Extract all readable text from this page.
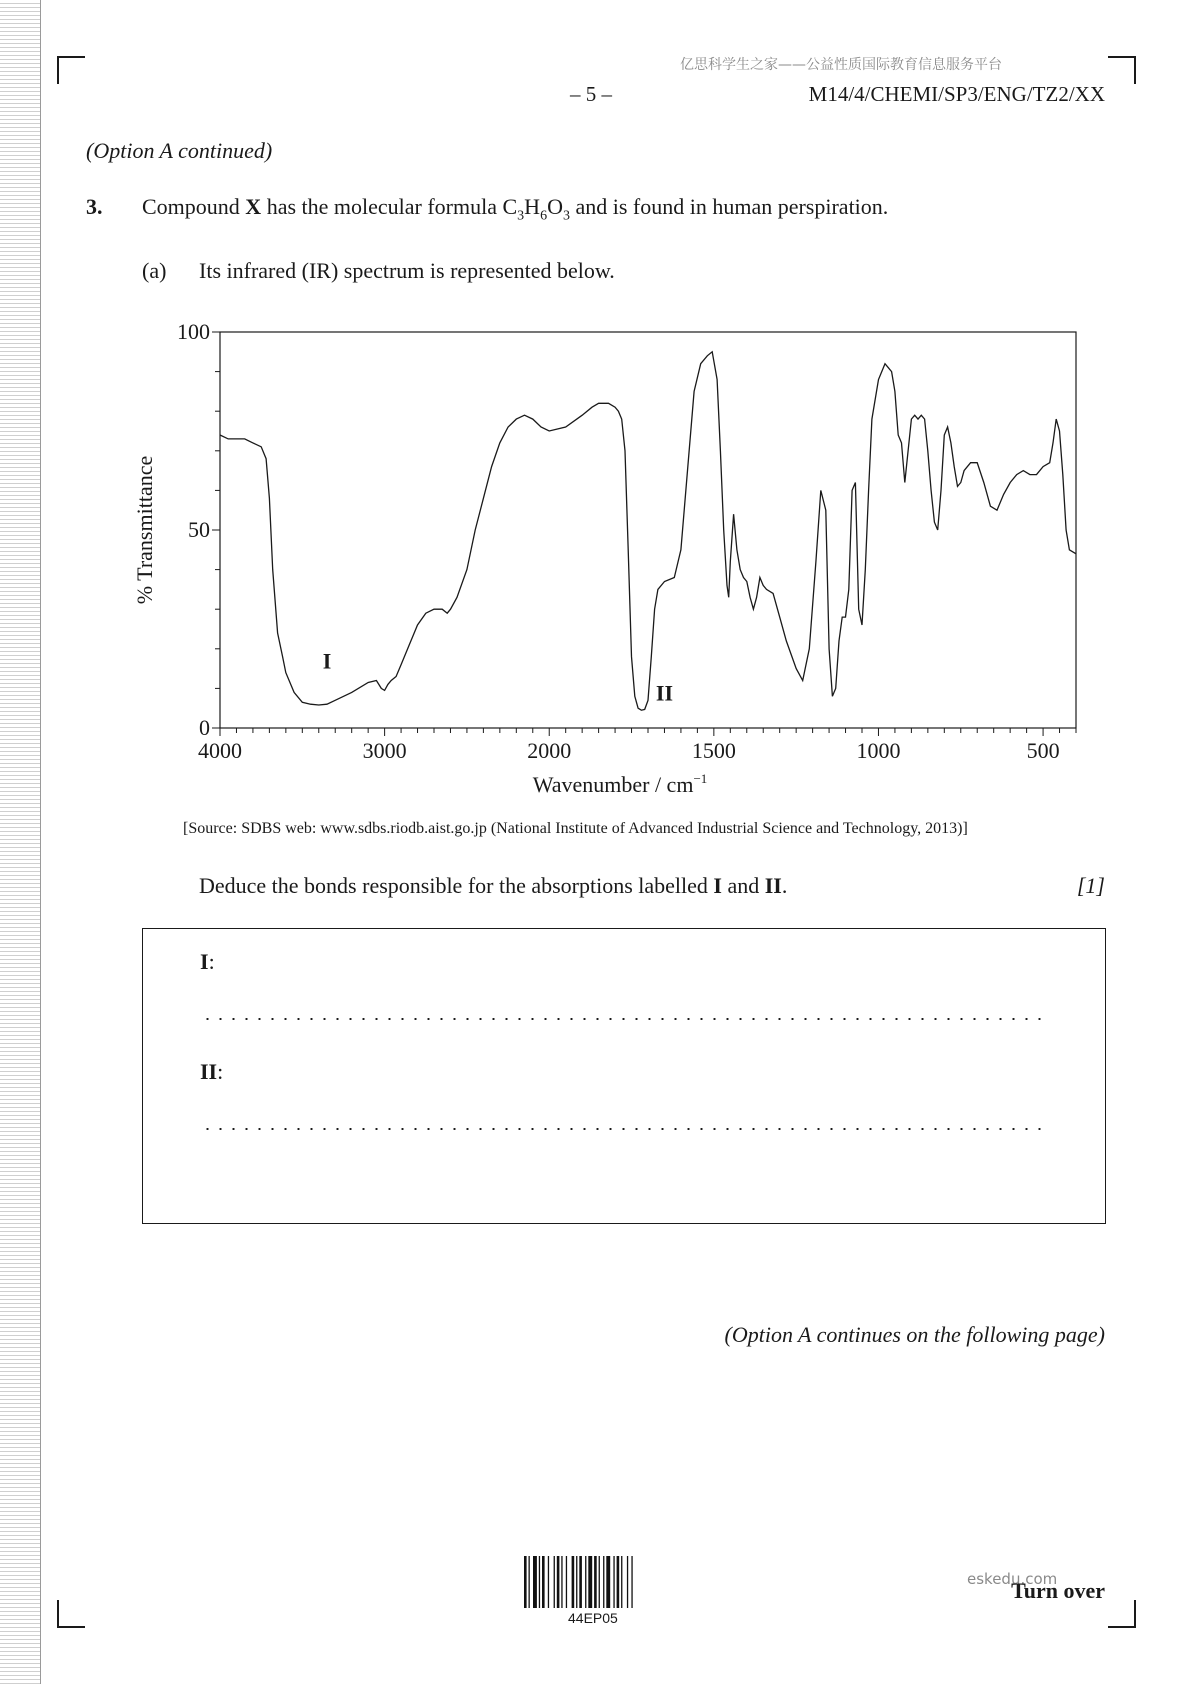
亿思科学生之家——公益性质国际教育信息服务平台
– 5 –	M14/4/CHEMI/SP3/ENG/TZ2/XX
(Option A continued)
3. Compound X has the molecular formula $C_3H_6O_3$ and is found in human perspiration.
(a) Its infrared (IR) spectrum is represented below.
4000	3000	2000	1500	1000	500
0
50
100
I
II
Wavenumber / $cm^{-1}$
% Transmittance
[Source: SDBS web: www.sdbs.riodb.aist.go.jp (National Institute of Advanced Industrial Science and Technology, 2013)]
Deduce the bonds responsible for the absorptions labelled I and II.	[1]
I:
II:
(Option A continues on the following page)
44EP05
eskedu.com
Turn over
